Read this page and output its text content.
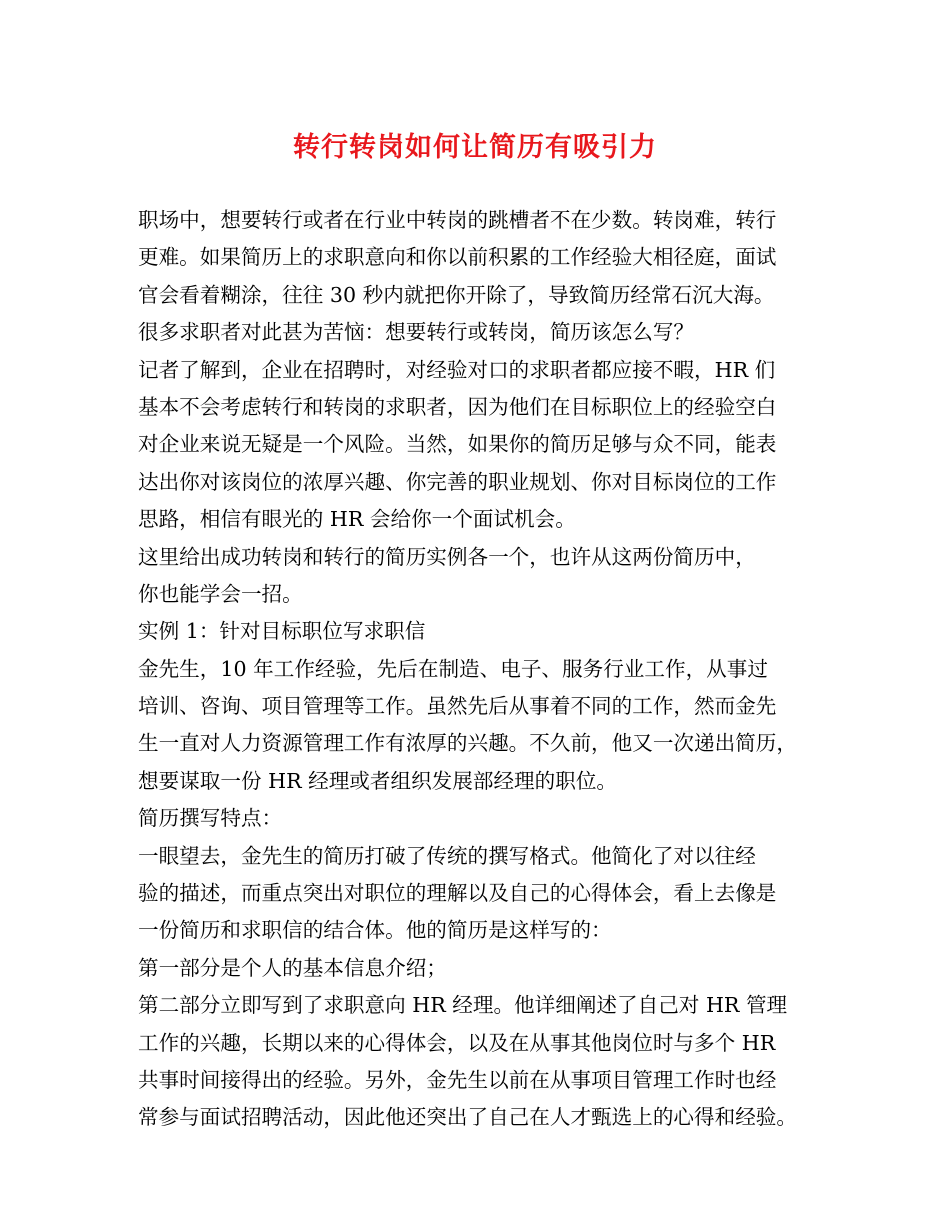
转行转岗如何让简历有吸引力
职场中，想要转行或者在行业中转岗的跳槽者不在少数。转岗难，转行
更难。如果简历上的求职意向和你以前积累的工作经验大相径庭，面试
官会看着糊涂，往往 30 秒内就把你开除了，导致简历经常石沉大海。
很多求职者对此甚为苦恼：想要转行或转岗，简历该怎么写？
记者了解到，企业在招聘时，对经验对口的求职者都应接不暇，HR 们
基本不会考虑转行和转岗的求职者，因为他们在目标职位上的经验空白
对企业来说无疑是一个风险。当然，如果你的简历足够与众不同，能表
达出你对该岗位的浓厚兴趣、你完善的职业规划、你对目标岗位的工作
思路，相信有眼光的 HR 会给你一个面试机会。
这里给出成功转岗和转行的简历实例各一个，也许从这两份简历中，
你也能学会一招。
实例 1：针对目标职位写求职信
金先生，10 年工作经验，先后在制造、电子、服务行业工作，从事过
培训、咨询、项目管理等工作。虽然先后从事着不同的工作，然而金先
生一直对人力资源管理工作有浓厚的兴趣。不久前，他又一次递出简历，
想要谋取一份 HR 经理或者组织发展部经理的职位。
简历撰写特点：
一眼望去，金先生的简历打破了传统的撰写格式。他简化了对以往经
验的描述，而重点突出对职位的理解以及自己的心得体会，看上去像是
一份简历和求职信的结合体。他的简历是这样写的：
第一部分是个人的基本信息介绍；
第二部分立即写到了求职意向 HR 经理。他详细阐述了自己对 HR 管理
工作的兴趣，长期以来的心得体会，以及在从事其他岗位时与多个 HR
共事时间接得出的经验。另外，金先生以前在从事项目管理工作时也经
常参与面试招聘活动，因此他还突出了自己在人才甄选上的心得和经验。
